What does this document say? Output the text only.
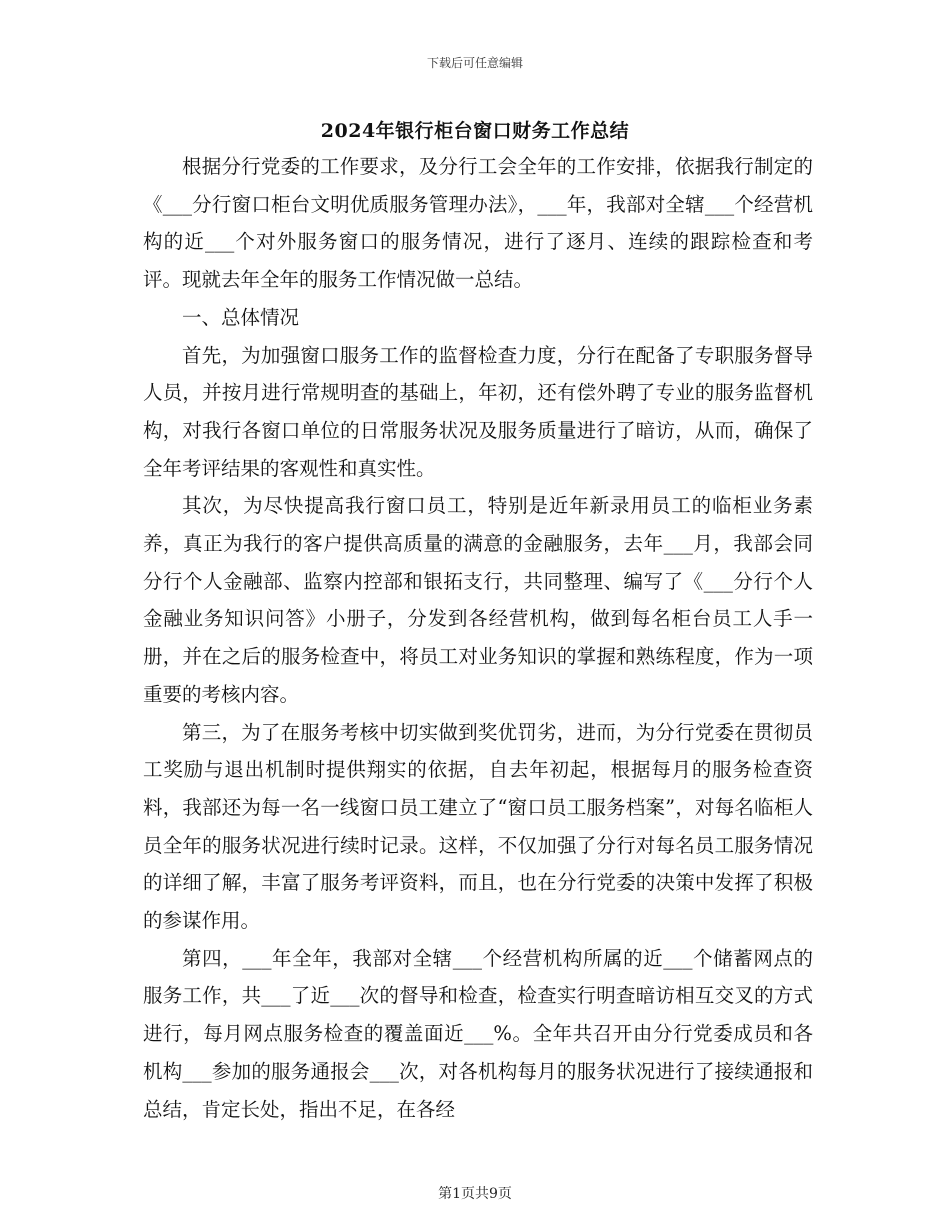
下载后可任意编辑
2024年银行柜台窗口财务工作总结

根据分行党委的工作要求，及分行工会全年的工作安排，依据我行制定的《___分行窗口柜台文明优质服务管理办法》，___年，我部对全辖___个经营机构的近___个对外服务窗口的服务情况，进行了逐月、连续的跟踪检查和考评。现就去年全年的服务工作情况做一总结。

一、总体情况

首先，为加强窗口服务工作的监督检查力度，分行在配备了专职服务督导人员，并按月进行常规明查的基础上，年初，还有偿外聘了专业的服务监督机构，对我行各窗口单位的日常服务状况及服务质量进行了暗访，从而，确保了全年考评结果的客观性和真实性。

其次，为尽快提高我行窗口员工，特别是近年新录用员工的临柜业务素养，真正为我行的客户提供高质量的满意的金融服务，去年___月，我部会同分行个人金融部、监察内控部和银拓支行，共同整理、编写了《___分行个人金融业务知识问答》小册子，分发到各经营机构，做到每名柜台员工人手一册，并在之后的服务检查中，将员工对业务知识的掌握和熟练程度，作为一项重要的考核内容。

第三，为了在服务考核中切实做到奖优罚劣，进而，为分行党委在贯彻员工奖励与退出机制时提供翔实的依据，自去年初起，根据每月的服务检查资料，我部还为每一名一线窗口员工建立了“窗口员工服务档案”，对每名临柜人员全年的服务状况进行续时记录。这样，不仅加强了分行对每名员工服务情况的详细了解，丰富了服务考评资料，而且，也在分行党委的决策中发挥了积极的参谋作用。

第四，___年全年，我部对全辖___个经营机构所属的近___个储蓄网点的服务工作，共___了近___次的督导和检查，检查实行明查暗访相互交叉的方式进行，每月网点服务检查的覆盖面近___%。全年共召开由分行党委成员和各机构___参加的服务通报会___次，对各机构每月的服务状况进行了接续通报和总结，肯定长处，指出不足，在各经

第1页共9页
